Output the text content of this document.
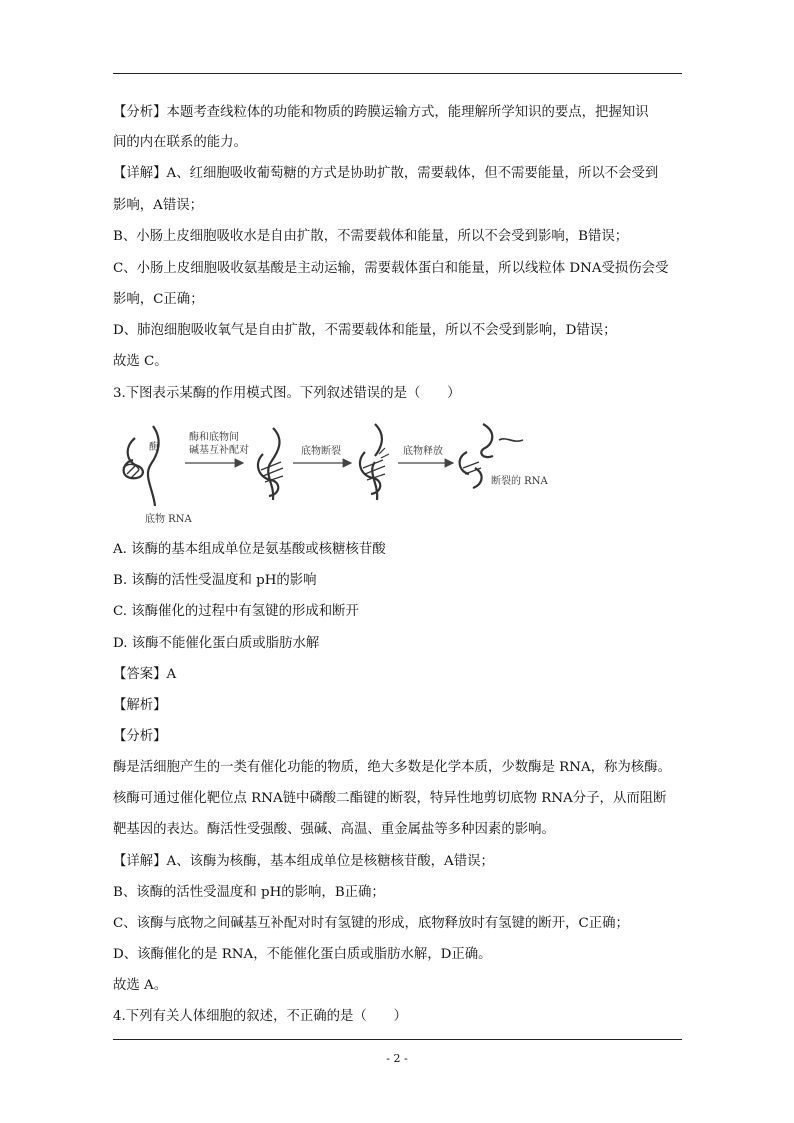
【分析】本题考查线粒体的功能和物质的跨膜运输方式，能理解所学知识的要点，把握知识
间的内在联系的能力。
【详解】A、红细胞吸收葡萄糖的方式是协助扩散，需要载体，但不需要能量，所以不会受到
影响，A错误；
B、小肠上皮细胞吸收水是自由扩散，不需要载体和能量，所以不会受到影响，B错误；
C、小肠上皮细胞吸收氨基酸是主动运输，需要载体蛋白和能量，所以线粒体 DNA受损伤会受
影响，C正确；
D、肺泡细胞吸收氧气是自由扩散，不需要载体和能量，所以不会受到影响，D错误；
故选 C。
3.下图表示某酶的作用模式图。下列叙述错误的是（　　）
酶
酶和底物间
碱基互补配对	底物断裂	底物释放
断裂的 RNA
底物 RNA
A. 该酶的基本组成单位是氨基酸或核糖核苷酸
B. 该酶的活性受温度和 pH的影响
C. 该酶催化的过程中有氢键的形成和断开
D. 该酶不能催化蛋白质或脂肪水解
【答案】A
【解析】
【分析】
酶是活细胞产生的一类有催化功能的物质，绝大多数是化学本质，少数酶是 RNA，称为核酶。
核酶可通过催化靶位点 RNA链中磷酸二酯键的断裂，特异性地剪切底物 RNA分子，从而阻断
靶基因的表达。酶活性受强酸、强碱、高温、重金属盐等多种因素的影响。
【详解】A、该酶为核酶，基本组成单位是核糖核苷酸，A错误；
B、该酶的活性受温度和 pH的影响，B正确；
C、该酶与底物之间碱基互补配对时有氢键的形成，底物释放时有氢键的断开，C正确；
D、该酶催化的是 RNA，不能催化蛋白质或脂肪水解，D正确。
故选 A。
4.下列有关人体细胞的叙述，不正确的是（　　）
- 2 -
